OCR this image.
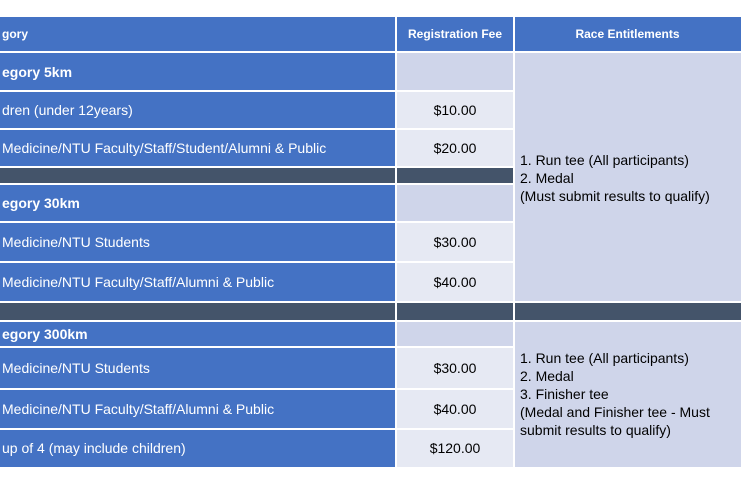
gory	Registration Fee	Race Entitlements
egory 5km
dren (under 12years)	$10.00
Medicine/NTU Faculty/Staff/Student/Alumni & Public	$20.00
egory 30km
Medicine/NTU Students	$30.00
Medicine/NTU Faculty/Staff/Alumni & Public	$40.00
1. Run tee (All participants)
2. Medal
(Must submit results to qualify)
egory 300km
Medicine/NTU Students	$30.00
Medicine/NTU Faculty/Staff/Alumni & Public	$40.00
up of 4 (may include children)	$120.00
1. Run tee (All participants)
2. Medal
3. Finisher tee
(Medal and Finisher tee - Must
submit results to qualify)
